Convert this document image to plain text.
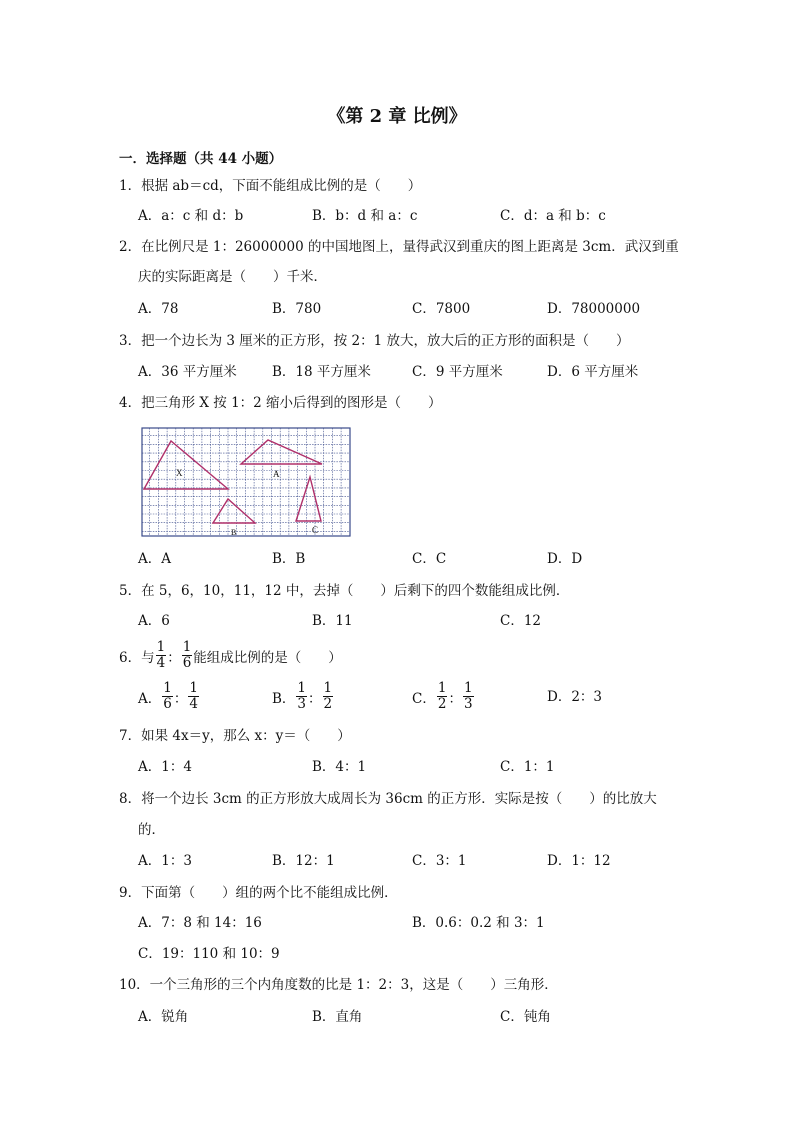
《第 2 章 比例》
一．选择题（共 44 小题）
1．根据 ab＝cd，下面不能组成比例的是（　　）
A．a：c 和 d：b	B．b：d 和 a：c	C．d：a 和 b：c
2．在比例尺是 1：26000000 的中国地图上，量得武汉到重庆的图上距离是 3cm．武汉到重
庆的实际距离是（　　）千米．
A．78	B．780	C．7800	D．78000000
3．把一个边长为 3 厘米的正方形，按 2：1 放大，放大后的正方形的面积是（　　）
A．36 平方厘米	B．18 平方厘米	C．9 平方厘米	D．6 平方厘米
4．把三角形 X 按 1：2 缩小后得到的图形是（　　）
X	A
B	C
A．A	B．B	C．C	D．D
5．在 5，6，10，11，12 中，去掉（　　）后剩下的四个数能组成比例．
A．6	B．11	C．12
6．与 $\frac{1}{4}$ ： $\frac{1}{6}$ 能组成比例的是（　　）
A． $\frac{1}{6}$ ： $\frac{1}{4}$	B． $\frac{1}{3}$ ： $\frac{1}{2}$	C． $\frac{1}{2}$ ： $\frac{1}{3}$	D．2：3
7．如果 4x＝y，那么 x：y＝（　　）
A．1：4	B．4：1	C．1：1
8．将一个边长 3cm 的正方形放大成周长为 36cm 的正方形．实际是按（　　）的比放大
的．
A．1：3	B．12：1	C．3：1	D．1：12
9．下面第（　　）组的两个比不能组成比例．
A．7：8 和 14：16	B．0.6：0.2 和 3：1
C．19：110 和 10：9
10．一个三角形的三个内角度数的比是 1：2：3，这是（　　）三角形．
A．锐角	B．直角	C．钝角
